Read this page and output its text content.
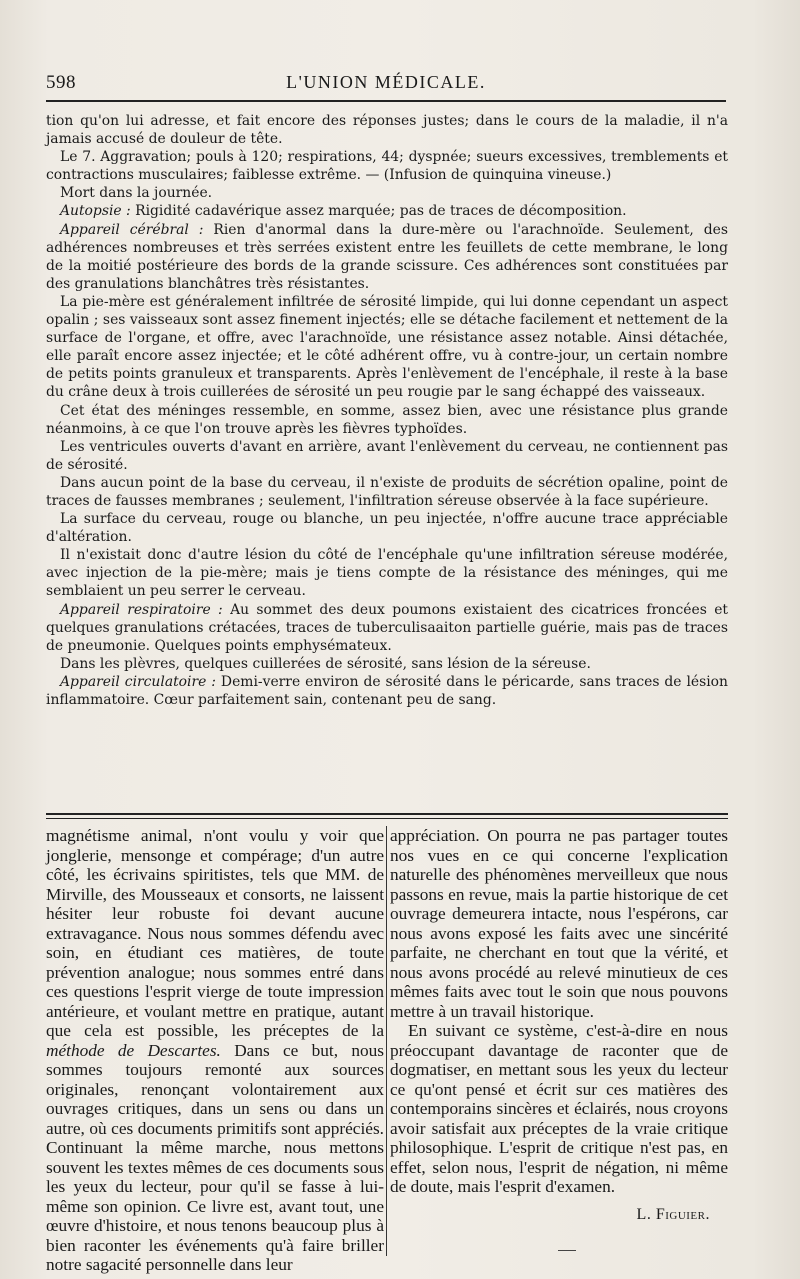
598	L'UNION MÉDICALE.

tion qu'on lui adresse, et fait encore des réponses justes; dans le cours de la maladie, il n'a jamais accusé de douleur de tête.

Le 7. Aggravation; pouls à 120; respirations, 44; dyspnée; sueurs excessives, tremblements et contractions musculaires; faiblesse extrême. — (Infusion de quinquina vineuse.)

Mort dans la journée.

Autopsie : Rigidité cadavérique assez marquée; pas de traces de décomposition.

Appareil cérébral : Rien d'anormal dans la dure-mère ou l'arachnoïde. Seulement, des adhérences nombreuses et très serrées existent entre les feuillets de cette membrane, le long de la moitié postérieure des bords de la grande scissure. Ces adhérences sont constituées par des granulations blanchâtres très résistantes.

La pie-mère est généralement infiltrée de sérosité limpide, qui lui donne cependant un aspect opalin ; ses vaisseaux sont assez finement injectés; elle se détache facilement et nettement de la surface de l'organe, et offre, avec l'arachnoïde, une résistance assez notable. Ainsi détachée, elle paraît encore assez injectée; et le côté adhérent offre, vu à contre-jour, un certain nombre de petits points granuleux et transparents. Après l'enlèvement de l'encéphale, il reste à la base du crâne deux à trois cuillerées de sérosité un peu rougie par le sang échappé des vaisseaux.

Cet état des méninges ressemble, en somme, assez bien, avec une résistance plus grande néanmoins, à ce que l'on trouve après les fièvres typhoïdes.

Les ventricules ouverts d'avant en arrière, avant l'enlèvement du cerveau, ne contiennent pas de sérosité.

Dans aucun point de la base du cerveau, il n'existe de produits de sécrétion opaline, point de traces de fausses membranes ; seulement, l'infiltration séreuse observée à la face supérieure.

La surface du cerveau, rouge ou blanche, un peu injectée, n'offre aucune trace appréciable d'altération.

Il n'existait donc d'autre lésion du côté de l'encéphale qu'une infiltration séreuse modérée, avec injection de la pie-mère; mais je tiens compte de la résistance des méninges, qui me semblaient un peu serrer le cerveau.

Appareil respiratoire : Au sommet des deux poumons existaient des cicatrices froncées et quelques granulations crétacées, traces de tuberculisaaiton partielle guérie, mais pas de traces de pneumonie. Quelques points emphysémateux.

Dans les plèvres, quelques cuillerées de sérosité, sans lésion de la séreuse.

Appareil circulatoire : Demi-verre environ de sérosité dans le péricarde, sans traces de lésion inflammatoire. Cœur parfaitement sain, contenant peu de sang.

magnétisme animal, n'ont voulu y voir que jonglerie, mensonge et compérage; d'un autre côté, les écrivains spiritistes, tels que MM. de Mirville, des Mousseaux et consorts, ne laissent hésiter leur robuste foi devant aucune extravagance. Nous nous sommes défendu avec soin, en étudiant ces matières, de toute prévention analogue; nous sommes entré dans ces questions l'esprit vierge de toute impression antérieure, et voulant mettre en pratique, autant que cela est possible, les préceptes de la méthode de Descartes. Dans ce but, nous sommes toujours remonté aux sources originales, renonçant volontairement aux ouvrages critiques, dans un sens ou dans un autre, où ces documents primitifs sont appréciés. Continuant la même marche, nous mettons souvent les textes mêmes de ces documents sous les yeux du lecteur, pour qu'il se fasse à lui-même son opinion. Ce livre est, avant tout, une œuvre d'histoire, et nous tenons beaucoup plus à bien raconter les événements qu'à faire briller notre sagacité personnelle dans leur

appréciation. On pourra ne pas partager toutes nos vues en ce qui concerne l'explication naturelle des phénomènes merveilleux que nous passons en revue, mais la partie historique de cet ouvrage demeurera intacte, nous l'espérons, car nous avons exposé les faits avec une sincérité parfaite, ne cherchant en tout que la vérité, et nous avons procédé au relevé minutieux de ces mêmes faits avec tout le soin que nous pouvons mettre à un travail historique.

En suivant ce système, c'est-à-dire en nous préoccupant davantage de raconter que de dogmatiser, en mettant sous les yeux du lecteur ce qu'ont pensé et écrit sur ces matières des contemporains sincères et éclairés, nous croyons avoir satisfait aux préceptes de la vraie critique philosophique. L'esprit de critique n'est pas, en effet, selon nous, l'esprit de négation, ni même de doute, mais l'esprit d'examen.

L. Figuier.
